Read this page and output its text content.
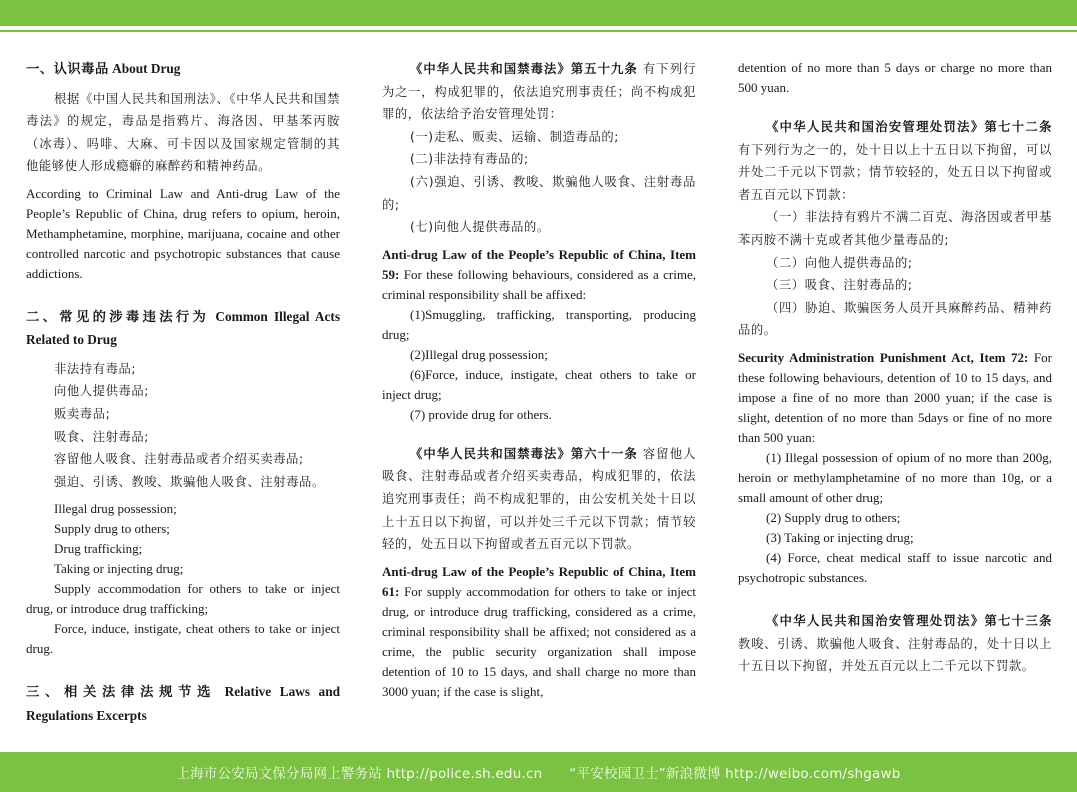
一、认识毒品 About Drug

根据《中国人民共和国刑法》、《中华人民共和国禁毒法》的规定，毒品是指鸦片、海洛因、甲基苯丙胺（冰毒）、吗啡、大麻、可卡因以及国家规定管制的其他能够使人形成瘾癖的麻醉药和精神药品。

According to Criminal Law and Anti-drug Law of the People’s Republic of China, drug refers to opium, heroin, Methamphetamine, morphine, marijuana, cocaine and other controlled narcotic and psychotropic substances that cause addictions.

二、常见的涉毒违法行为 Common Illegal Acts Related to Drug

非法持有毒品;

向他人提供毒品;

贩卖毒品;

吸食、注射毒品;

容留他人吸食、注射毒品或者介绍买卖毒品;

强迫、引诱、教唆、欺骗他人吸食、注射毒品。

Illegal drug possession;

Supply drug to others;

Drug trafficking;

Taking or injecting drug;

Supply accommodation for others to take or inject drug, or introduce drug trafficking;

Force, induce, instigate, cheat others to take or inject drug.

三、相关法律法规节选 Relative Laws and Regulations Excerpts

《中华人民共和国禁毒法》第五十九条 有下列行为之一，构成犯罪的，依法追究刑事责任；尚不构成犯罪的，依法给予治安管理处罚：

(一)走私、贩卖、运输、制造毒品的;

(二)非法持有毒品的;

(六)强迫、引诱、教唆、欺骗他人吸食、注射毒品的;

(七)向他人提供毒品的。

Anti-drug Law of the People’s Republic of China, Item 59: For these following behaviours, considered as a crime, criminal responsibility shall be affixed:

(1)Smuggling, trafficking, transporting, producing drug;

(2)Illegal drug possession;

(6)Force, induce, instigate, cheat others to take or inject drug;

(7) provide drug for others.

《中华人民共和国禁毒法》第六十一条 容留他人吸食、注射毒品或者介绍买卖毒品，构成犯罪的，依法追究刑事责任；尚不构成犯罪的，由公安机关处十日以上十五日以下拘留，可以并处三千元以下罚款；情节较轻的，处五日以下拘留或者五百元以下罚款。

Anti-drug Law of the People’s Republic of China, Item 61: For supply accommodation for others to take or inject drug, or introduce drug trafficking, considered as a crime, criminal responsibility shall be affixed; not considered as a crime, the public security organization shall impose detention of 10 to 15 days, and shall charge no more than 3000 yuan; if the case is slight,

detention of no more than 5 days or charge no more than 500 yuan.

《中华人民共和国治安管理处罚法》第七十二条 有下列行为之一的，处十日以上十五日以下拘留，可以并处二千元以下罚款；情节较轻的，处五日以下拘留或者五百元以下罚款：

（一）非法持有鸦片不满二百克、海洛因或者甲基苯丙胺不满十克或者其他少量毒品的;

（二）向他人提供毒品的;

（三）吸食、注射毒品的;

（四）胁迫、欺骗医务人员开具麻醉药品、精神药品的。

Security Administration Punishment Act, Item 72: For these following behaviours, detention of 10 to 15 days, and impose a fine of no more than 2000 yuan; if the case is slight, detention of no more than 5days or fine of no more than 500 yuan:

(1) Illegal possession of opium of no more than 200g, heroin or methylamphetamine of no more than 10g, or a small amount of other drug;

(2) Supply drug to others;

(3) Taking or injecting drug;

(4) Force, cheat medical staff to issue narcotic and psychotropic substances.

《中华人民共和国治安管理处罚法》第七十三条 教唆、引诱、欺骗他人吸食、注射毒品的，处十日以上十五日以下拘留，并处五百元以上二千元以下罚款。

上海市公安局文保分局网上警务站 http://police.sh.edu.cn
“平安校园卫士”新浪微博 http://weibo.com/shgawb
